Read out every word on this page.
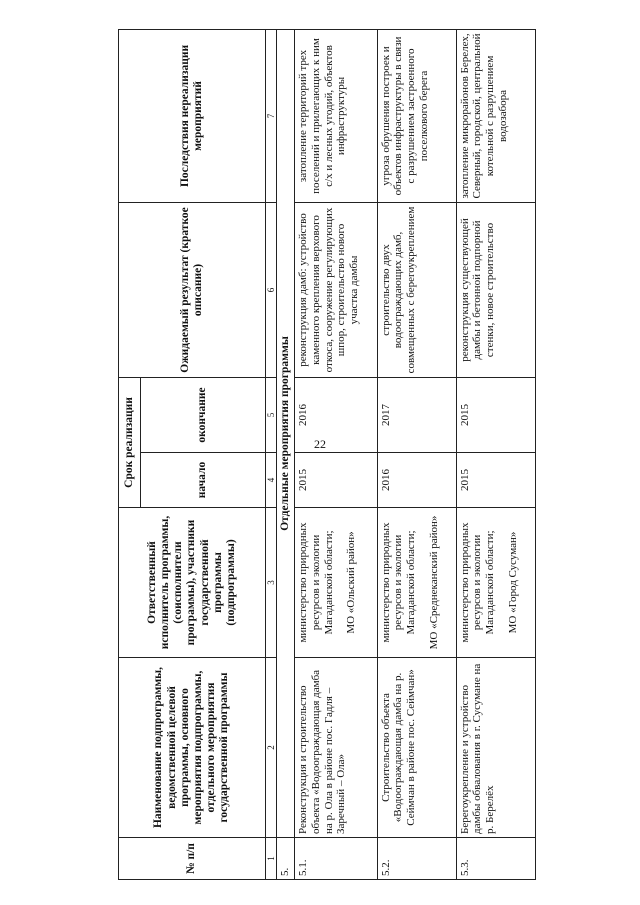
22
№ п/п	Наименование подпрограммы, ведомственной целевой программы, основного мероприятия подпрограммы, отдельного мероприятия государственной программы	Ответственный исполнитель программы, (соисполнители программы), участники государственной программы (подпрограммы)	Срок реализации		Ожидаемый результат (краткое описание)	Последствия нереализации мероприятий
			начало	окончание		
1	2	3	4	5	6	7
5.	Отдельные мероприятия программы					
5.1.	Реконструкция и строительство объекта «Водоограждающая дамба на р. Ола в районе пос. Гадля – Заречный – Ола»	министерство природных ресурсов и экологии Магаданской области; МО «Ольский район»	2015	2016	реконструкция дамб: устройство каменного крепления верхового откоса, сооружение регулирующих шпор, строительство нового участка дамбы	затопление территорий трех поселений и прилегающих к ним с/х и лесных угодий, объектов инфраструктуры
5.2.	Строительство объекта «Водоограждающая дамба на р. Сеймчан в районе пос. Сеймчан»	министерство природных ресурсов и экологии Магаданской области; МО «Среднеканский район»	2016	2017	строительство двух водоограждающих дамб, совмещенных с берегоукреплением	угроза обрушения построек и объектов инфраструктуры в связи с разрушением застроенного поселкового берега
5.3.	Берегоукрепление и устройство дамбы обвалования в г. Сусумане на р. Берелёх	министерство природных ресурсов и экологии Магаданской области; МО «Город Сусуман»	2015	2015	реконструкция существующей дамбы и бетонной подпорной стенки, новое строительство	затопление микрорайонов Берелех, Северный, городской, центральной котельной с разрушением водозабора
